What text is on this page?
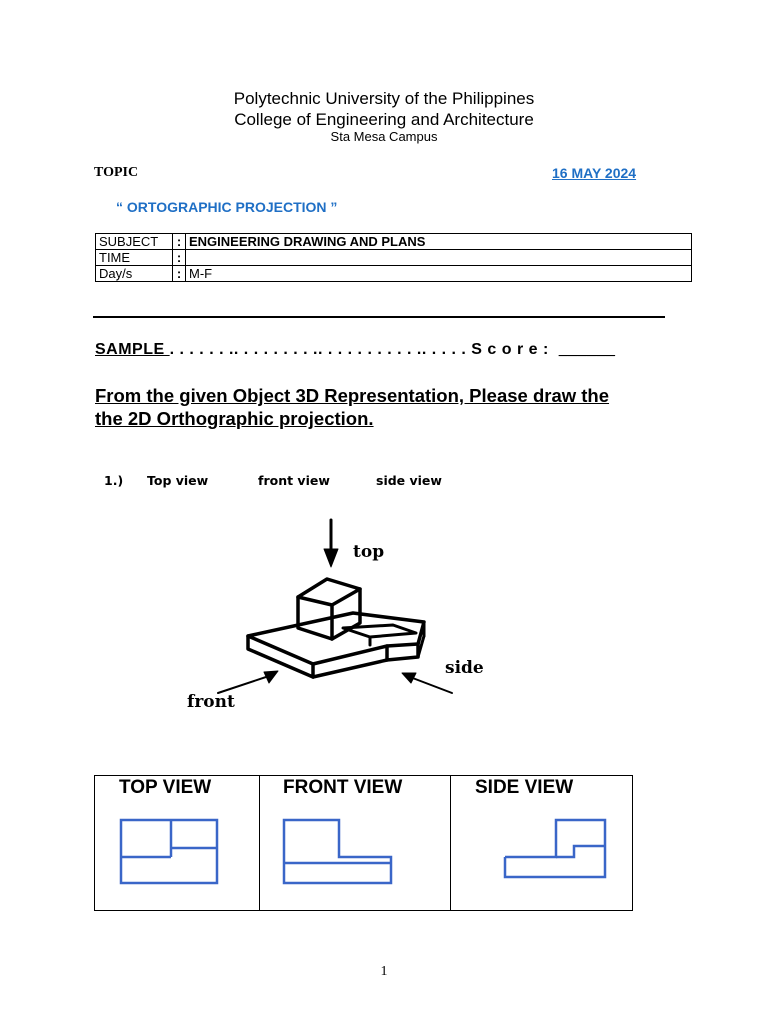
Polytechnic University of the Philippines
College of Engineering and Architecture
Sta Mesa Campus
TOPIC	16 MAY 2024
“ ORTOGRAPHIC PROJECTION ”
SUBJECT	:	ENGINEERING DRAWING AND PLANS
TIME	:	
Day/s	:	M-F
SAMPLE . . . . . . .. . . . . . . . .. . . . . . . . . . .. . . . . S c o r e :  ______
From the given Object 3D Representation, Please draw the
the 2D Orthographic projection.
1.) Top view	front view	side view
top
side
front
TOP VIEW	FRONT VIEW	SIDE VIEW
1
